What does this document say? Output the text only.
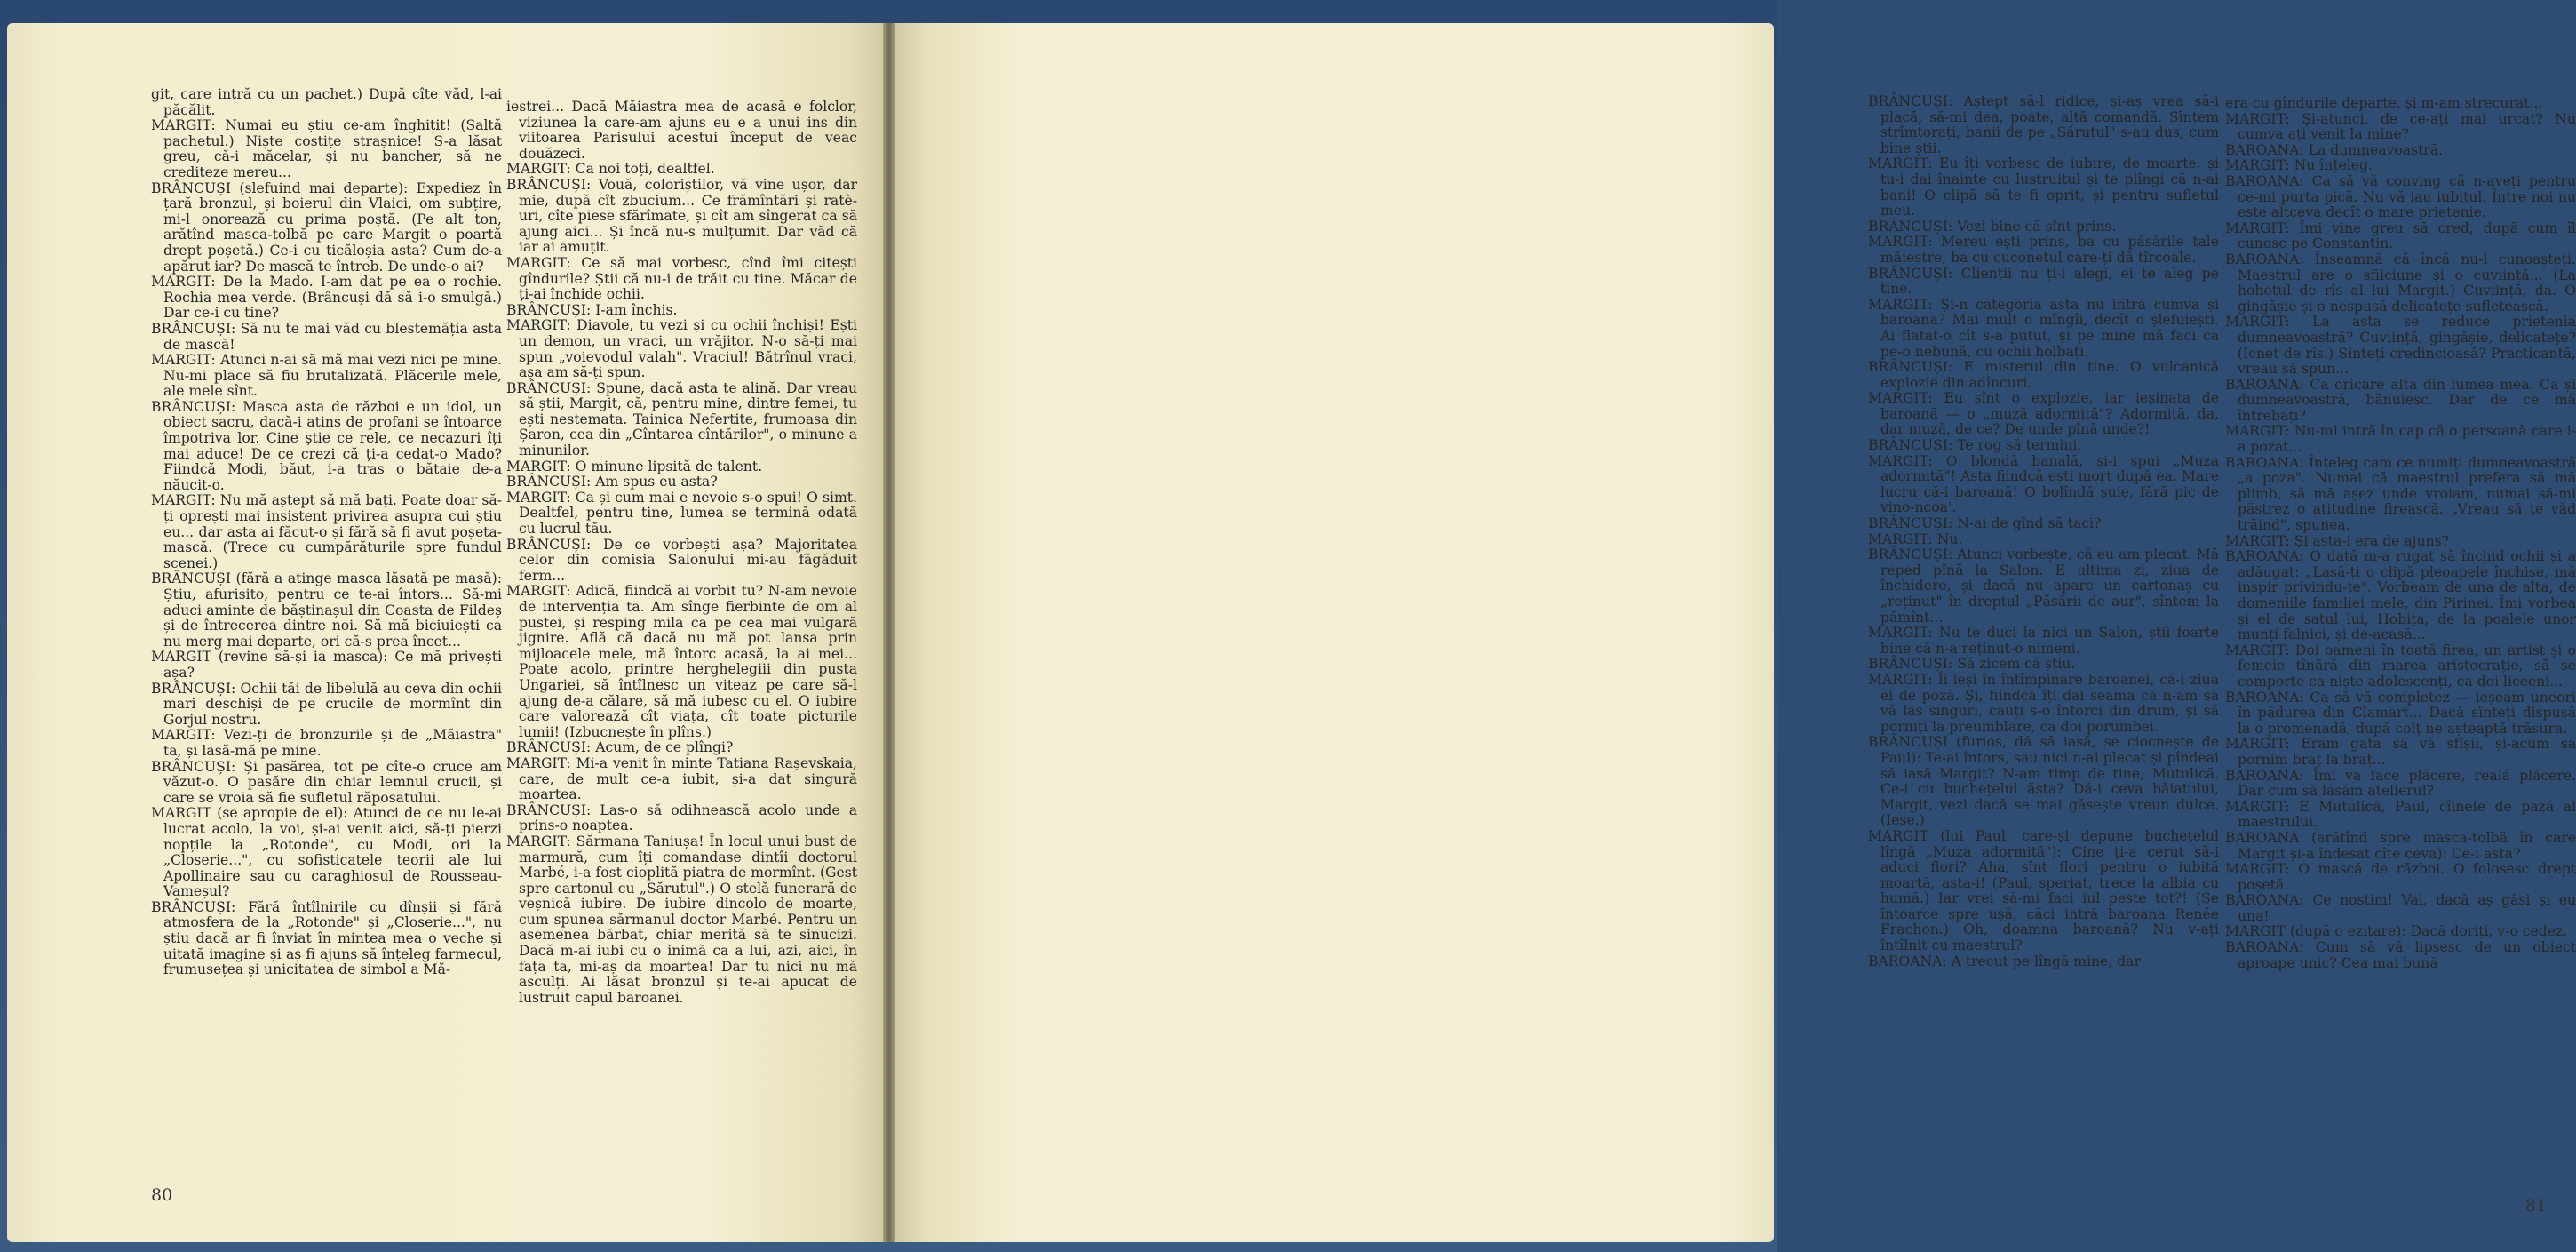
git, care intră cu un pachet.) După cîte văd, l-ai păcălit.

MARGIT: Numai eu știu ce-am înghițit! (Saltă pachetul.) Niște costițe strașnice! S-a lăsat greu, că-i măcelar, și nu bancher, să ne crediteze mereu...

BRÂNCUȘI (slefuind mai departe): Expediez în țară bronzul, și boierul din Vlaici, om subțire, mi-l onorează cu prima poștă. (Pe alt ton, arătînd masca-tolbă pe care Margit o poartă drept poșetă.) Ce-i cu ticăloșia asta? Cum de-a apărut iar? De mască te întreb. De unde-o ai?

MARGIT: De la Mado. I-am dat pe ea o rochie. Rochia mea verde. (Brâncuși dă să i-o smulgă.) Dar ce-i cu tine?

BRÂNCUȘI: Să nu te mai văd cu blestemăția asta de mască!

MARGIT: Atunci n-ai să mă mai vezi nici pe mine. Nu-mi place să fiu brutalizată. Plăcerile mele, ale mele sînt.

BRÂNCUȘI: Masca asta de război e un idol, un obiect sacru, dacă-i atins de profani se întoarce împotriva lor. Cine știe ce rele, ce necazuri îți mai aduce! De ce crezi că ți-a cedat-o Mado? Fiindcă Modi, băut, i-a tras o bătaie de-a năucit-o.

MARGIT: Nu mă aștept să mă bați. Poate doar să-ți oprești mai insistent privirea asupra cui știu eu... dar asta ai făcut-o și fără să fi avut poșeta-mască. (Trece cu cumpărăturile spre fundul scenei.)

BRÂNCUȘI (fără a atinge masca lăsată pe masă): Știu, afurisito, pentru ce te-ai întors... Să-mi aduci aminte de băștinașul din Coasta de Fildeș și de întrecerea dintre noi. Să mă biciuiești ca nu merg mai departe, ori că-s prea încet...

MARGIT (revine să-și ia masca): Ce mă privești așa?

BRÂNCUȘI: Ochii tăi de libelulă au ceva din ochii mari deschiși de pe crucile de mormînt din Gorjul nostru.

MARGIT: Vezi-ți de bronzurile și de „Măiastra" ta, și lasă-mă pe mine.

BRÂNCUȘI: Și pasărea, tot pe cîte-o cruce am văzut-o. O pasăre din chiar lemnul crucii, și care se vroia să fie sufletul răposatului.

MARGIT (se apropie de el): Atunci de ce nu le-ai lucrat acolo, la voi, și-ai venit aici, să-ți pierzi nopțile la „Rotonde", cu Modi, ori la „Closerie...", cu sofisticatele teorii ale lui Apollinaire sau cu caraghiosul de Rousseau-Vameșul?

BRÂNCUȘI: Fără întîlnirile cu dînșii și fără atmosfera de la „Rotonde" și „Closerie...", nu știu dacă ar fi înviat în mintea mea o veche și uitată imagine și aș fi ajuns să înțeleg farmecul, frumusețea și unicitatea de simbol a Mă-

iestrei... Dacă Măiastra mea de acasă e folclor, viziunea la care-am ajuns eu e a unui ins din viitoarea Parisului acestui început de veac douăzeci.

MARGIT: Ca noi toți, dealtfel.

BRÂNCUȘI: Vouă, coloriștilor, vă vine ușor, dar mie, după cît zbucium... Ce frămîntări și ratè-uri, cîte piese sfărîmate, și cît am sîngerat ca să ajung aici... Și încă nu-s mulțumit. Dar văd că iar ai amuțit.

MARGIT: Ce să mai vorbesc, cînd îmi citești gîndurile? Știi că nu-i de trăit cu tine. Măcar de ți-ai închide ochii.

BRÂNCUȘI: I-am închis.

MARGIT: Diavole, tu vezi și cu ochii închiși! Ești un demon, un vraci, un vrăjitor. N-o să-ți mai spun „voievodul valah". Vraciul! Bătrînul vraci, așa am să-ți spun.

BRÂNCUȘI: Spune, dacă asta te alină. Dar vreau să știi, Margit, că, pentru mine, dintre femei, tu ești nestemata. Tainica Nefertite, frumoasa din Șaron, cea din „Cîntarea cîntărilor", o minune a minunilor.

MARGIT: O minune lipsită de talent.

BRÂNCUȘI: Am spus eu asta?

MARGIT: Ca și cum mai e nevoie s-o spui! O simt. Dealtfel, pentru tine, lumea se termină odată cu lucrul tău.

BRÂNCUȘI: De ce vorbești așa? Majoritatea celor din comisia Salonului mi-au făgăduit ferm...

MARGIT: Adică, fiindcă ai vorbit tu? N-am nevoie de intervenția ta. Am sînge fierbinte de om al pustei, și resping mila ca pe cea mai vulgară jignire. Află că dacă nu mă pot lansa prin mijloacele mele, mă întorc acasă, la ai mei... Poate acolo, printre herghelegiii din pusta Ungariei, să întîlnesc un viteaz pe care să-l ajung de-a călare, să mă iubesc cu el. O iubire care valorează cît viața, cît toate picturile lumii! (Izbucnește în plîns.)

BRÂNCUȘI: Acum, de ce plîngi?

MARGIT: Mi-a venit în minte Tatiana Rașevskaia, care, de mult ce-a iubit, și-a dat singură moartea.

BRÂNCUȘI: Las-o să odihnească acolo unde a prins-o noaptea.

MARGIT: Sărmana Taniușa! În locul unui bust de marmură, cum îți comandase dintîi doctorul Marbé, i-a fost cioplită piatra de mormînt. (Gest spre cartonul cu „Sărutul".) O stelă funerară de veșnică iubire. De iubire dincolo de moarte, cum spunea sărmanul doctor Marbé. Pentru un asemenea bărbat, chiar merită să te sinucizi. Dacă m-ai iubi cu o inimă ca a lui, azi, aici, în fața ta, mi-aș da moartea! Dar tu nici nu mă asculți. Ai lăsat bronzul și te-ai apucat de lustruit capul baroanei.

80

BRÂNCUȘI: Aștept să-l ridice, și-aș vrea să-i placă, să-mi dea, poate, altă comandă. Sîntem strîmtorați, banii de pe „Sărutul" s-au dus, cum bine știi.

MARGIT: Eu îți vorbesc de iubire, de moarte, și tu-i dai înainte cu lustruitul și te plîngi că n-ai bani! O clipă să te fi oprit, și pentru sufletul meu.

BRÂNCUȘI: Vezi bine că sînt prins.

MARGIT: Mereu ești prins, ba cu păsările tale măiestre, ba cu cuconetul care-ți dă tîrcoale.

BRÂNCUȘI: Clienții nu ți-i alegi, ei te aleg pe tine.

MARGIT: Și-n categoria asta nu intră cumva și baroana? Mai mult o mîngîi, decît o șlefuiești. Ai flatat-o cît s-a putut, și pe mine mă faci ca pe-o nebună, cu ochii holbați.

BRÂNCUȘI: E misterul din tine. O vulcanică explozie din adîncuri.

MARGIT: Eu sînt o explozie, iar ieșinata de baroană — o „muză adormită"? Adormită, da, dar muză, de ce? De unde pînă unde?!

BRÂNCUȘI: Te rog să termini.

MARGIT: O blondă banală, și-i spui „Muza adormită"! Asta fiindcă ești mort după ea. Mare lucru că-i baroană! O bolîndă șuie, fără pic de vino-ncoa'.

BRÂNCUȘI: N-ai de gînd să taci?

MARGIT: Nu.

BRÂNCUȘI: Atunci vorbește, că eu am plecat. Mă reped pînă la Salon. E ultima zi, ziua de închidere, și dacă nu apare un cartonaș cu „reținut" în dreptul „Păsării de aur", sîntem la pămînt...

MARGIT: Nu te duci la nici un Salon, știi foarte bine că n-a reținut-o nimeni.

BRÂNCUȘI: Să zicem că știu.

MARGIT: Îi ieși în întîmpinare baroanei, că-i ziua ei de poză. Și, fiindcă îți dai seama că n-am să vă las singuri, cauți s-o întorci din drum, și să porniți la preumblare, ca doi porumbei.

BRÂNCUȘI (furios, dă să iasă, se ciocnește de Paul): Te-ai întors, sau nici n-ai plecat și pîndeai să iasă Margit? N-am timp de tine, Mutulică. Ce-i cu buchețelul ăsta? Dă-i ceva băiatului, Margit, vezi dacă se mai găsește vreun dulce. (Iese.)

MARGIT (lui Paul, care-și depune buchețelul lîngă „Muza adormită"): Cine ți-a cerut să-i aduci flori? Aha, sînt flori pentru o iubită moartă, asta-i! (Paul, speriat, trece la albia cu humă.) Iar vrei să-mi faci iul peste tot?! (Se întoarce spre ușă, căci intră baroana Renée Frachon.) Oh, doamna baroană? Nu v-ați întîlnit cu maestrul?

BAROANA: A trecut pe lîngă mine, dar

era cu gîndurile departe, și m-am strecurat...

MARGIT: Și-atunci, de ce-ați mai urcat? Nu cumva ați venit la mine?

BAROANA: La dumneavoastră.

MARGIT: Nu înțeleg.

BAROANA: Ca să vă conving că n-aveți pentru ce-mi purta pică. Nu vă iau iubitul. Între noi nu este altceva decît o mare prietenie.

MARGIT: Îmi vine greu să cred, după cum îl cunosc pe Constantin.

BAROANA: Înseamnă că încă nu-l cunoașteți. Maestrul are o sfiiciune și o cuviință... (La hohotul de rîs al lui Margit.) Cuviință, da. O gingășie și o nespusă delicatețe sufletească.

MARGIT: La asta se reduce prietenia dumneavoastră? Cuviință, gingășie, delicatețe? (Icnet de rîs.) Sînteți credincioasă? Practicantă, vreau să spun...

BAROANA: Ca oricare alta din lumea mea. Ca și dumneavoastră, bănuiesc. Dar de ce mă întrebați?

MARGIT: Nu-mi intră în cap că o persoană care i-a pozat...

BAROANA: Înțeleg cam ce numiți dumneavoastră „a poza". Numai că maestrul prefera să mă plimb, să mă așez unde vroiam, numai să-mi păstrez o atitudine firească. „Vreau să te văd trăind", spunea.

MARGIT: Și asta-i era de ajuns?

BAROANA: O dată m-a rugat să închid ochii și a adăugat: „Lasă-ți o clipă pleoapele închise, mă inspir privindu-te". Vorbeam de una de alta, de domeniile familiei mele, din Pirinei. Îmi vorbea și el de satul lui, Hobița, de la poalele unor munți falnici, și de-acasă...

MARGIT: Doi oameni în toată firea, un artist și o femeie tînără din marea aristocrație, să se comporte ca niște adolescenți, ca doi liceeni...

BAROANA: Ca să vă completez — ieșeam uneori în pădurea din Clamart... Dacă sînteți dispusă la o promenadă, după colț ne așteaptă trăsura.

MARGIT: Eram gata să vă sfîșii, și-acum să pornim braț la braț...

BAROANA: Îmi va face plăcere, reală plăcere. Dar cum să lăsăm atelierul?

MARGIT: E Mutulică, Paul, cîinele de pază al maestrului.

BAROANA (arătînd spre masca-tolbă în care Margit și-a îndesat cîte ceva): Ce-i asta?

MARGIT: O mască de război. O folosesc drept poșetă.

BAROANA: Ce nostim! Vai, dacă aș găsi și eu una!

MARGIT (după o ezitare): Dacă doriți, v-o cedez.

BAROANA: Cum să vă lipsesc de un obiect aproape unic? Cea mai bună

81
